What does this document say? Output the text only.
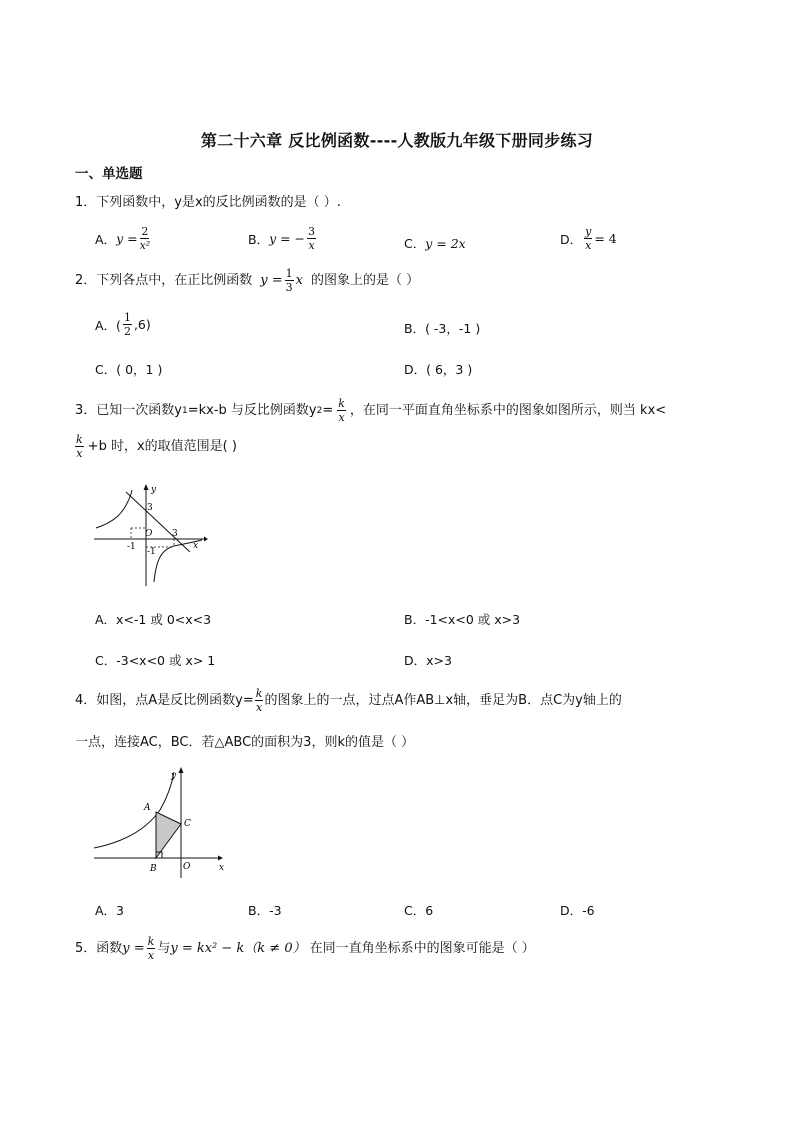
第二十六章 反比例函数----人教版九年级下册同步练习
一、单选题
1．下列函数中，y是x的反比例函数的是（ ）.
A． $y = \frac{2}{\text{x²}}$	B． y = − $\frac{3}{x}$	C． y = 2x	D． $\frac{y}{x} = 4$
2．下列各点中，在正比例函数 $y = \frac{1}{3}$ x 的图象上的是（ ）
A．( $\frac{1}{2} ,6$)	B．( -3，-1 )
C．( 0，1 )	D．( 6，3 )
3．已知一次函数y 1 =kx-b 与反比例函数y $2 = \frac{k}{x}$ ，在同一平面直角坐标系中的图象如图所示，则当 kx<
$\frac{k}{x} +b$ 时，x的取值范围是( )
y
x
O
3
3
-1 -1
A．x<-1 或 0<x<3	B．-1<x<0 或 x>3
C．-3<x<0 或 x> 1	D．x>3
4．如图，点A是反比例函数$y= \frac{k}{x}$ 的图象上的一点，过点A作AB⊥x轴，垂足为B．点C为y轴上的
一点，连接AC，BC．若△ABC的面积为3，则k的值是（ ）
A
B
C
O
y
x
A．3	B．-3	C．6	D．-6
5．函数 $y = \frac{k}{x}$ 与 y = kx² − k（k ≠ 0） 在同一直角坐标系中的图象可能是（ ）
